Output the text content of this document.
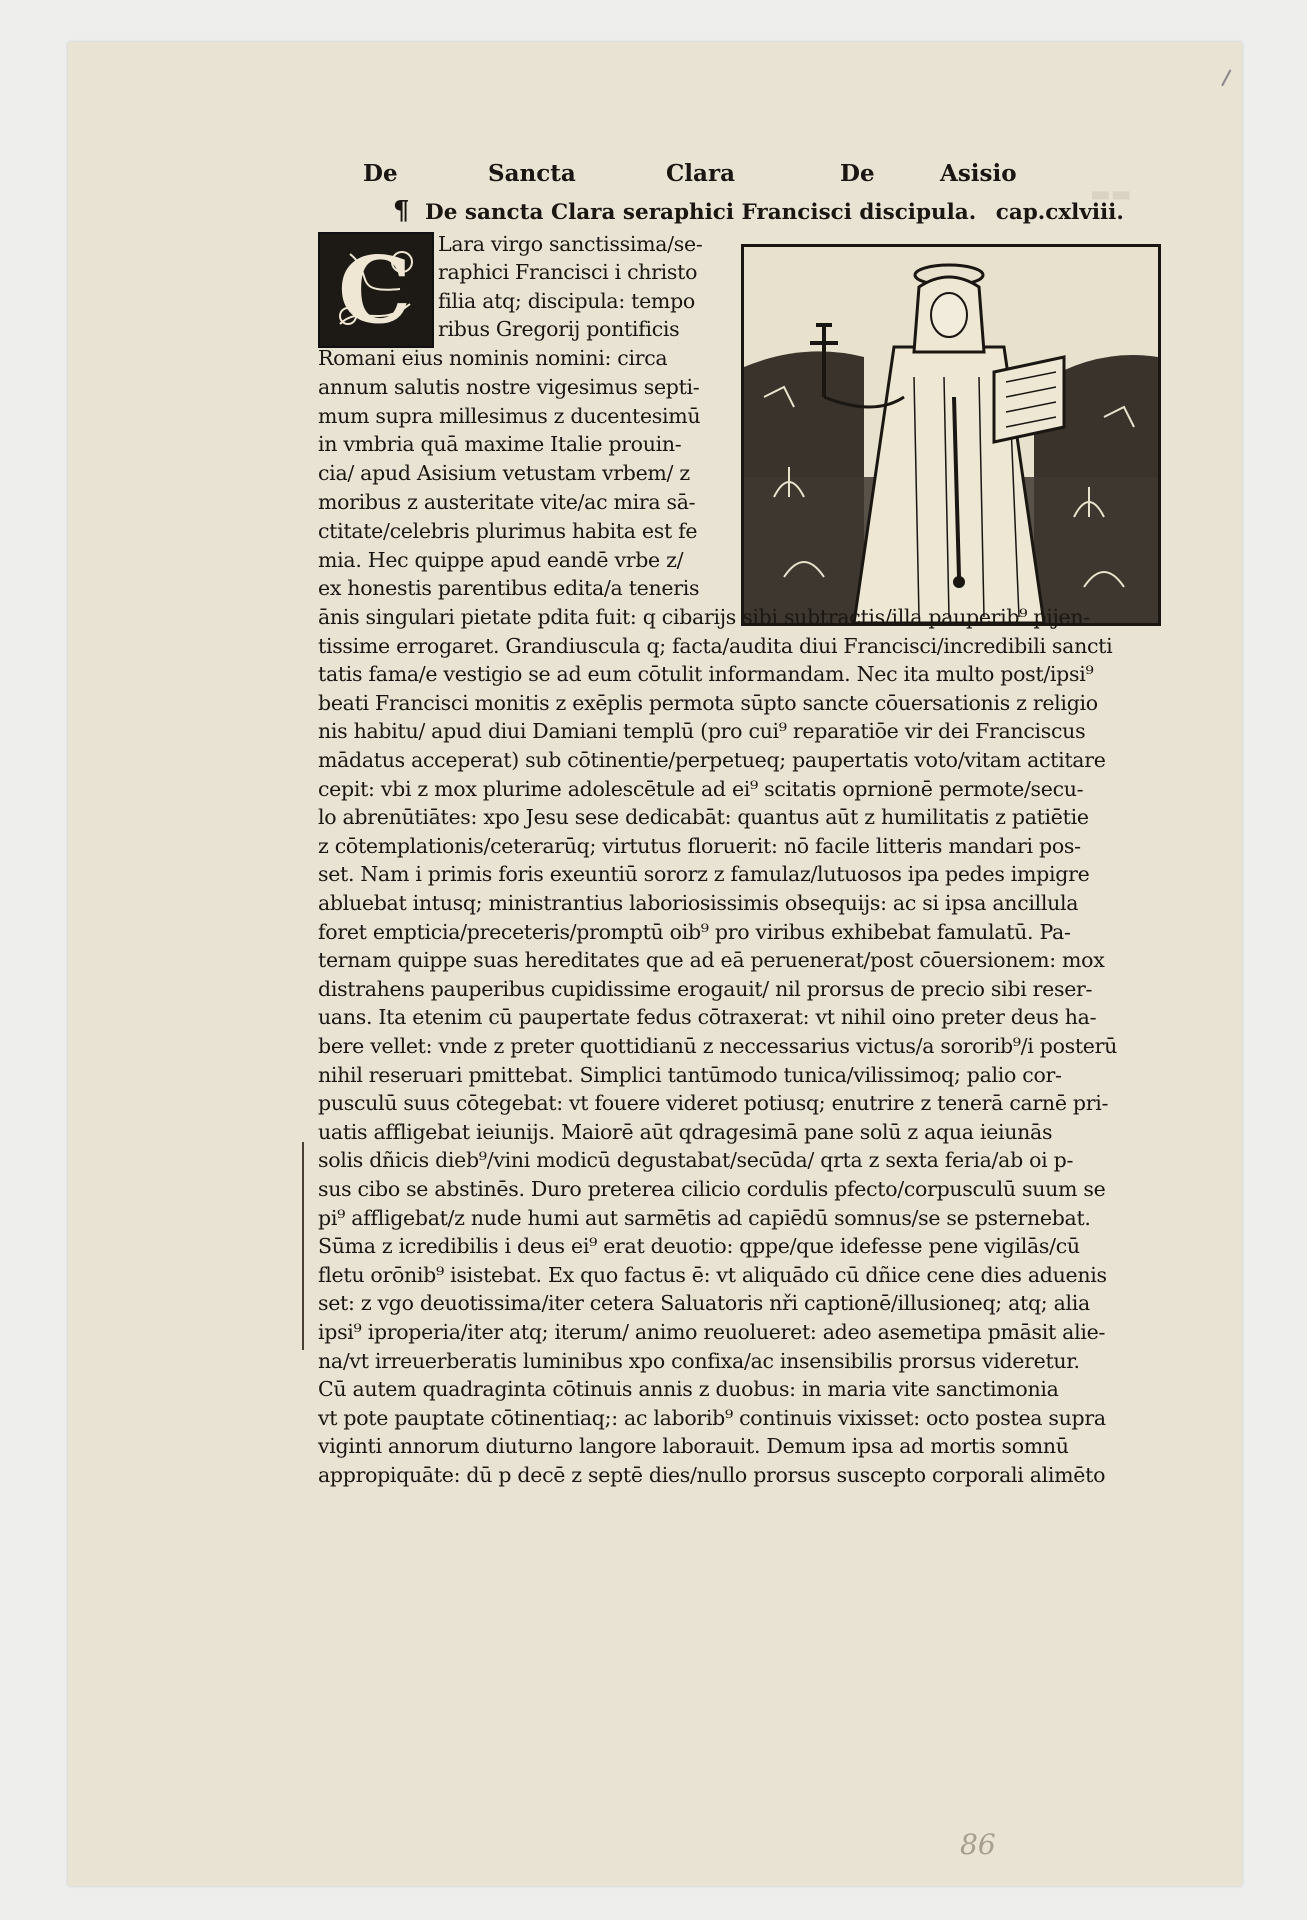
▬▬
De	Sancta	Clara	De	Asisio
¶ De sancta Clara seraphici Francisci discipula. cap.cxlviii.
C Lara virgo sanctissima/se-
raphici Francisci i christo
filia atq; discipula: tempo
ribus Gregorij pontificis
Romani eius nominis nomini: circa
annum salutis nostre vigesimus septi-
mum supra millesimus z ducentesimū
in vmbria quā maxime Italie prouin-
cia/ apud Asisium vetustam vrbem/ z
moribus z austeritate vite/ac mira sā-
ctitate/celebris plurimus habita est fe
mia. Hec quippe apud eandē vrbe z/
ex honestis parentibus edita/a teneris
ānis singulari pietate pdita fuit: q cibarijs sibi subtractis/illa pauperib⁹ pijen-
tissime errogaret. Grandiuscula q; facta/audita diui Francisci/incredibili sancti
tatis fama/e vestigio se ad eum cōtulit informandam. Nec ita multo post/ipsi⁹
beati Francisci monitis z exēplis permota sūpto sancte cōuersationis z religio
nis habitu/ apud diui Damiani templū (pro cui⁹ reparatiōe vir dei Franciscus
mādatus acceperat) sub cōtinentie/perpetueq; paupertatis voto/vitam actitare
cepit: vbi z mox plurime adolescētule ad ei⁹ scitatis oprnionē permote/secu-
lo abrenūtiātes: xpo Jesu sese dedicabāt: quantus aūt z humilitatis z patiētie
z cōtemplationis/ceterarūq; virtutus floruerit: nō facile litteris mandari pos-
set. Nam i primis foris exeuntiū sororz z famulaz/lutuosos ipa pedes impigre
abluebat intusq; ministrantius laboriosissimis obsequijs: ac si ipsa ancillula
foret empticia/preceteris/promptū oib⁹ pro viribus exhibebat famulatū. Pa-
ternam quippe suas hereditates que ad eā peruenerat/post cōuersionem: mox
distrahens pauperibus cupidissime erogauit/ nil prorsus de precio sibi reser-
uans. Ita etenim cū paupertate fedus cōtraxerat: vt nihil oino preter deus ha-
bere vellet: vnde z preter quottidianū z neccessarius victus/a sororib⁹/i posterū
nihil reseruari pmittebat. Simplici tantūmodo tunica/vilissimoq; palio cor-
pusculū suus cōtegebat: vt fouere videret potiusq; enutrire z tenerā carnē pri-
uatis affligebat ieiunijs. Maiorē aūt qdragesimā pane solū z aqua ieiunās
solis dñicis dieb⁹/vini modicū degustabat/secūda/ qrta z sexta feria/ab oi p-
sus cibo se abstinēs. Duro preterea cilicio cordulis pfecto/corpusculū suum se
pi⁹ affligebat/z nude humi aut sarmētis ad capiēdū somnus/se se psternebat.
Sūma z icredibilis i deus ei⁹ erat deuotio: qppe/que idefesse pene vigilās/cū
fletu orōnib⁹ isistebat. Ex quo factus ē: vt aliquādo cū dñice cene dies aduenis
set: z vgo deuotissima/iter cetera Saluatoris nři captionē/illusioneq; atq; alia
ipsi⁹ iproperia/iter atq; iterum/ animo reuolueret: adeo asemetipa pmāsit alie-
na/vt irreuerberatis luminibus xpo confixa/ac insensibilis prorsus videretur.
Cū autem quadraginta cōtinuis annis z duobus: in maria vite sanctimonia
vt pote pauptate cōtinentiaq;: ac laborib⁹ continuis vixisset: octo postea supra
viginti annorum diuturno langore laborauit. Demum ipsa ad mortis somnū
appropiquāte: dū p decē z septē dies/nullo prorsus suscepto corporali alimēto
86
